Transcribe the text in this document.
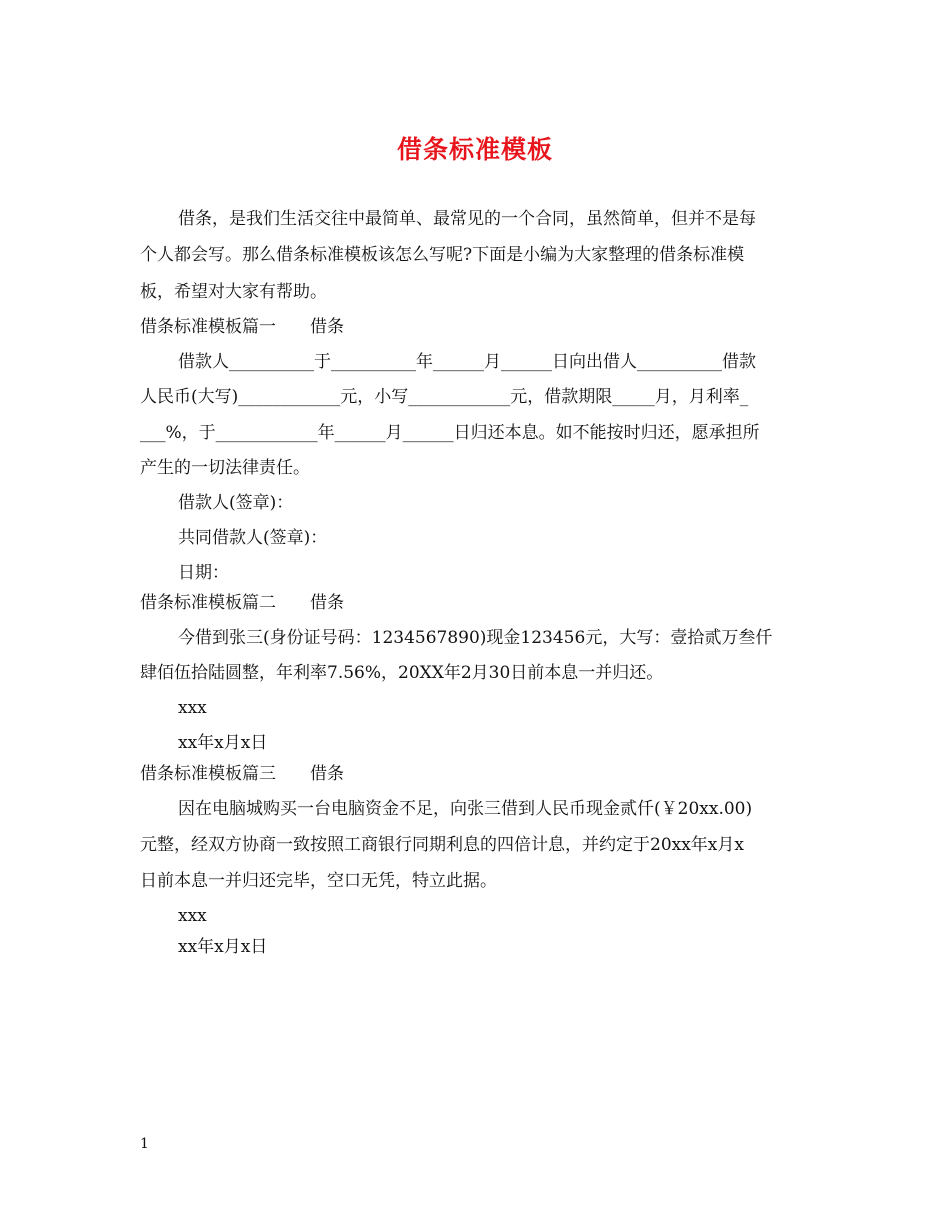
借条标准模板
借条，是我们生活交往中最简单、最常见的一个合同，虽然简单，但并不是每
个人都会写。那么借条标准模板该怎么写呢?下面是小编为大家整理的借条标准模
板，希望对大家有帮助。
借条标准模板篇一　　借条
借款人__________于__________年______月______日向出借人__________借款
人民币(大写)____________元，小写____________元，借款期限_____月，月利率_
___%，于____________年______月______日归还本息。如不能按时归还，愿承担所
产生的一切法律责任。
借款人(签章)：
共同借款人(签章)：
日期：
借条标准模板篇二　　借条
今借到张三(身份证号码：1234567890)现金123456元，大写：壹拾贰万叁仟
肆佰伍拾陆圆整，年利率7.56%，20XX年2月30日前本息一并归还。
xxx
xx年x月x日
借条标准模板篇三　　借条
因在电脑城购买一台电脑资金不足，向张三借到人民币现金贰仟(￥20xx.00)
元整，经双方协商一致按照工商银行同期利息的四倍计息，并约定于20xx年x月x
日前本息一并归还完毕，空口无凭，特立此据。
xxx
xx年x月x日
1
